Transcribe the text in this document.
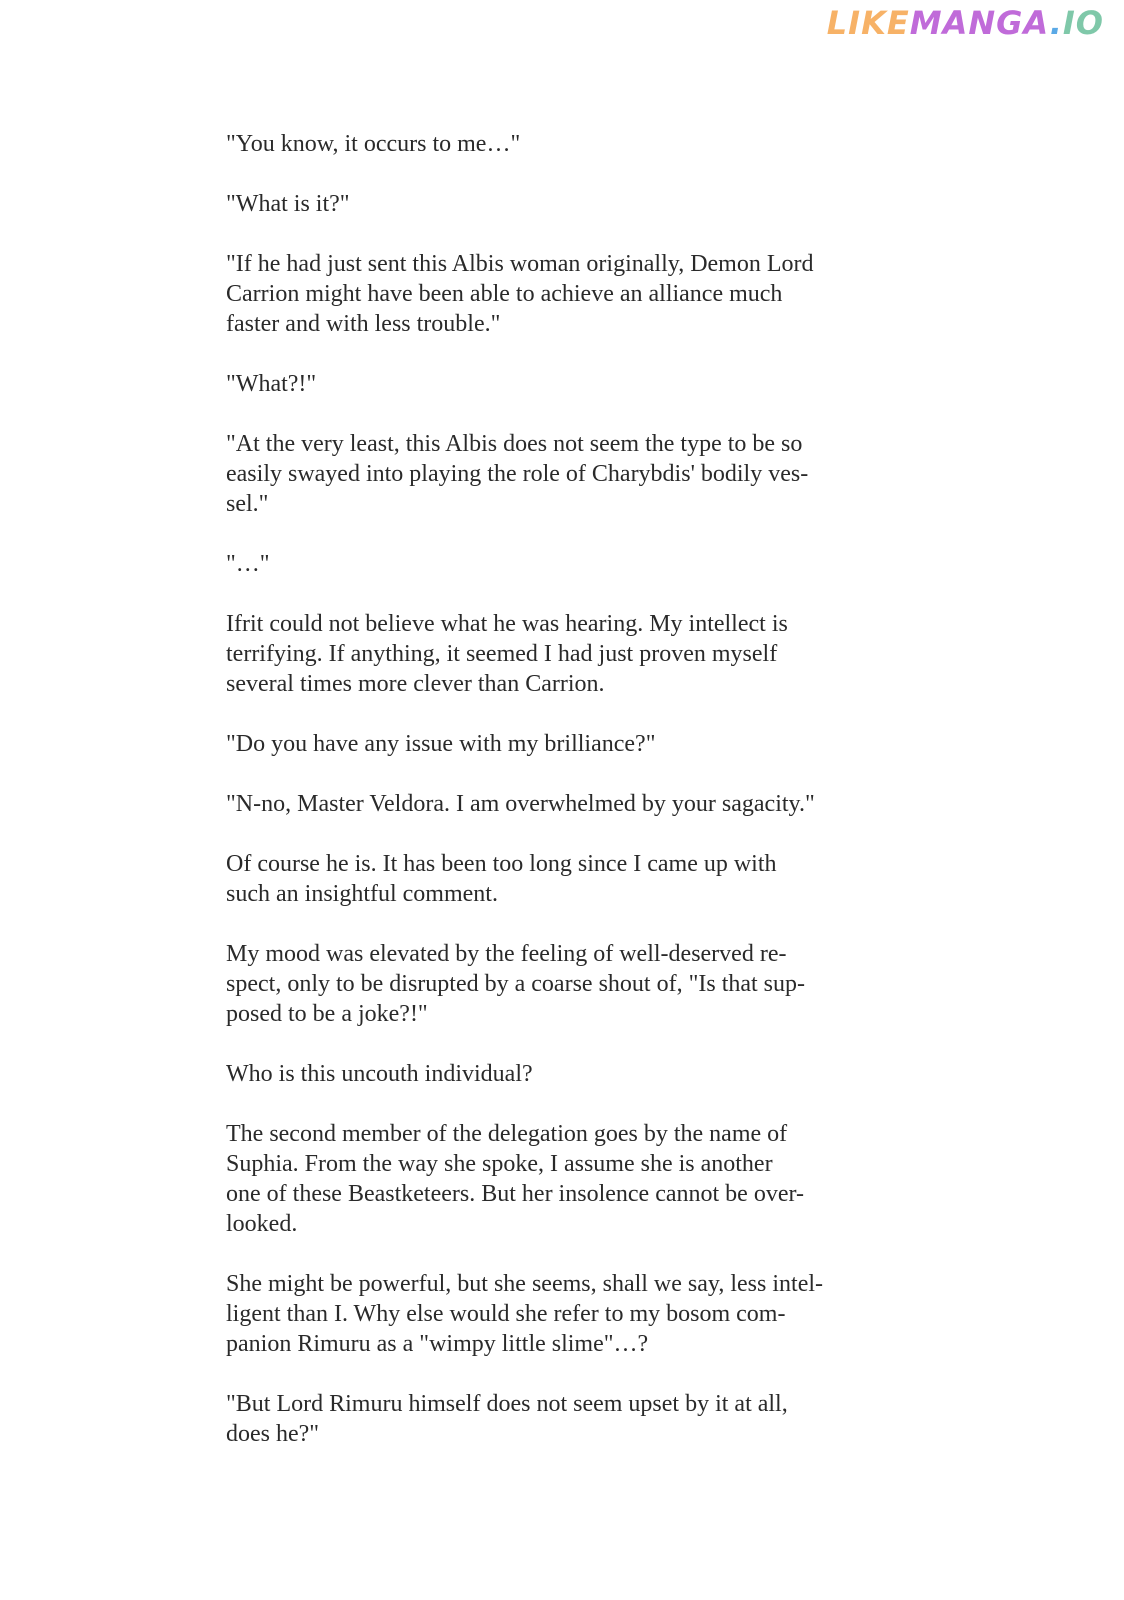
LIKEMANGA.IO

"You know, it occurs to me…"

"What is it?"

"If he had just sent this Albis woman originally, Demon Lord
Carrion might have been able to achieve an alliance much
faster and with less trouble."

"What?!"

"At the very least, this Albis does not seem the type to be so
easily swayed into playing the role of Charybdis' bodily ves-
sel."

"…"

Ifrit could not believe what he was hearing. My intellect is
terrifying. If anything, it seemed I had just proven myself
several times more clever than Carrion.

"Do you have any issue with my brilliance?"

"N-no, Master Veldora. I am overwhelmed by your sagacity."

Of course he is. It has been too long since I came up with
such an insightful comment.

My mood was elevated by the feeling of well-deserved re-
spect, only to be disrupted by a coarse shout of, "Is that sup-
posed to be a joke?!"

Who is this uncouth individual?

The second member of the delegation goes by the name of
Suphia. From the way she spoke, I assume she is another
one of these Beastketeers. But her insolence cannot be over-
looked.

She might be powerful, but she seems, shall we say, less intel-
ligent than I. Why else would she refer to my bosom com-
panion Rimuru as a "wimpy little slime"…?

"But Lord Rimuru himself does not seem upset by it at all,
does he?"
